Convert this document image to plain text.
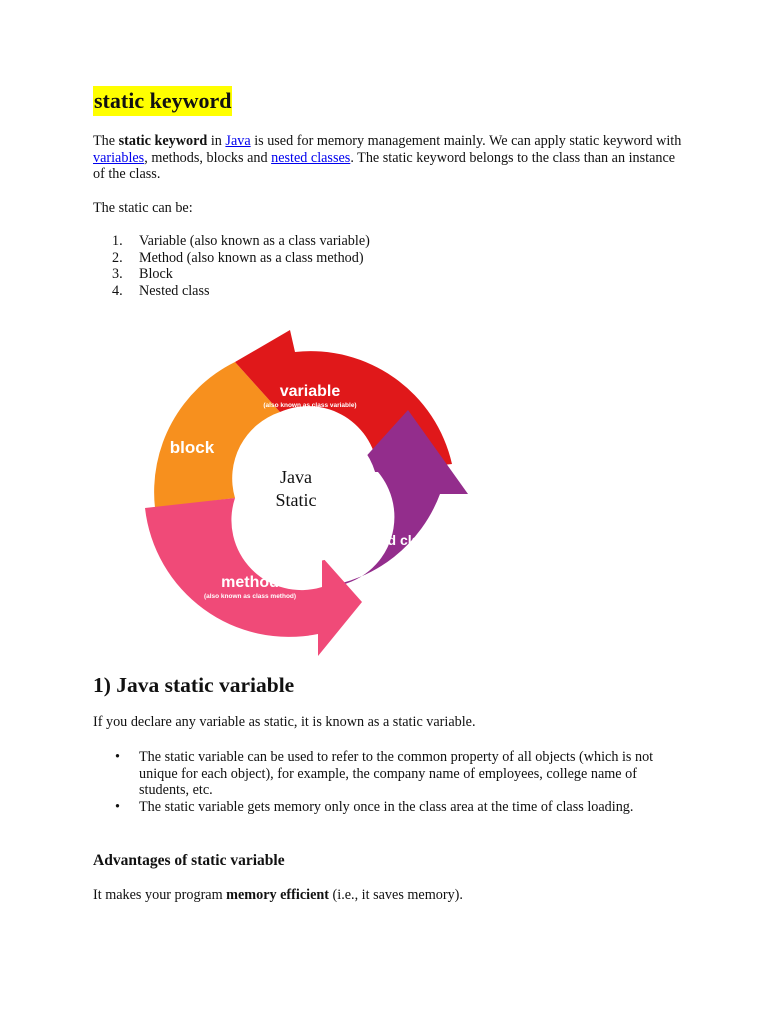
static keyword

The static keyword in Java is used for memory management mainly. We can apply static keyword with variables, methods, blocks and nested classes. The static keyword belongs to the class than an instance of the class.

The static can be:

1. Variable (also known as a class variable)
2. Method (also known as a class method)
3. Block
4. Nested class
variable
(also known as class variable)
block
nested class
method
(also known as class method)
Java
Static
1) Java static variable

If you declare any variable as static, it is known as a static variable.

• The static variable can be used to refer to the common property of all objects (which is not unique for each object), for example, the company name of employees, college name of students, etc.
• The static variable gets memory only once in the class area at the time of class loading.
Advantages of static variable

It makes your program memory efficient (i.e., it saves memory).
